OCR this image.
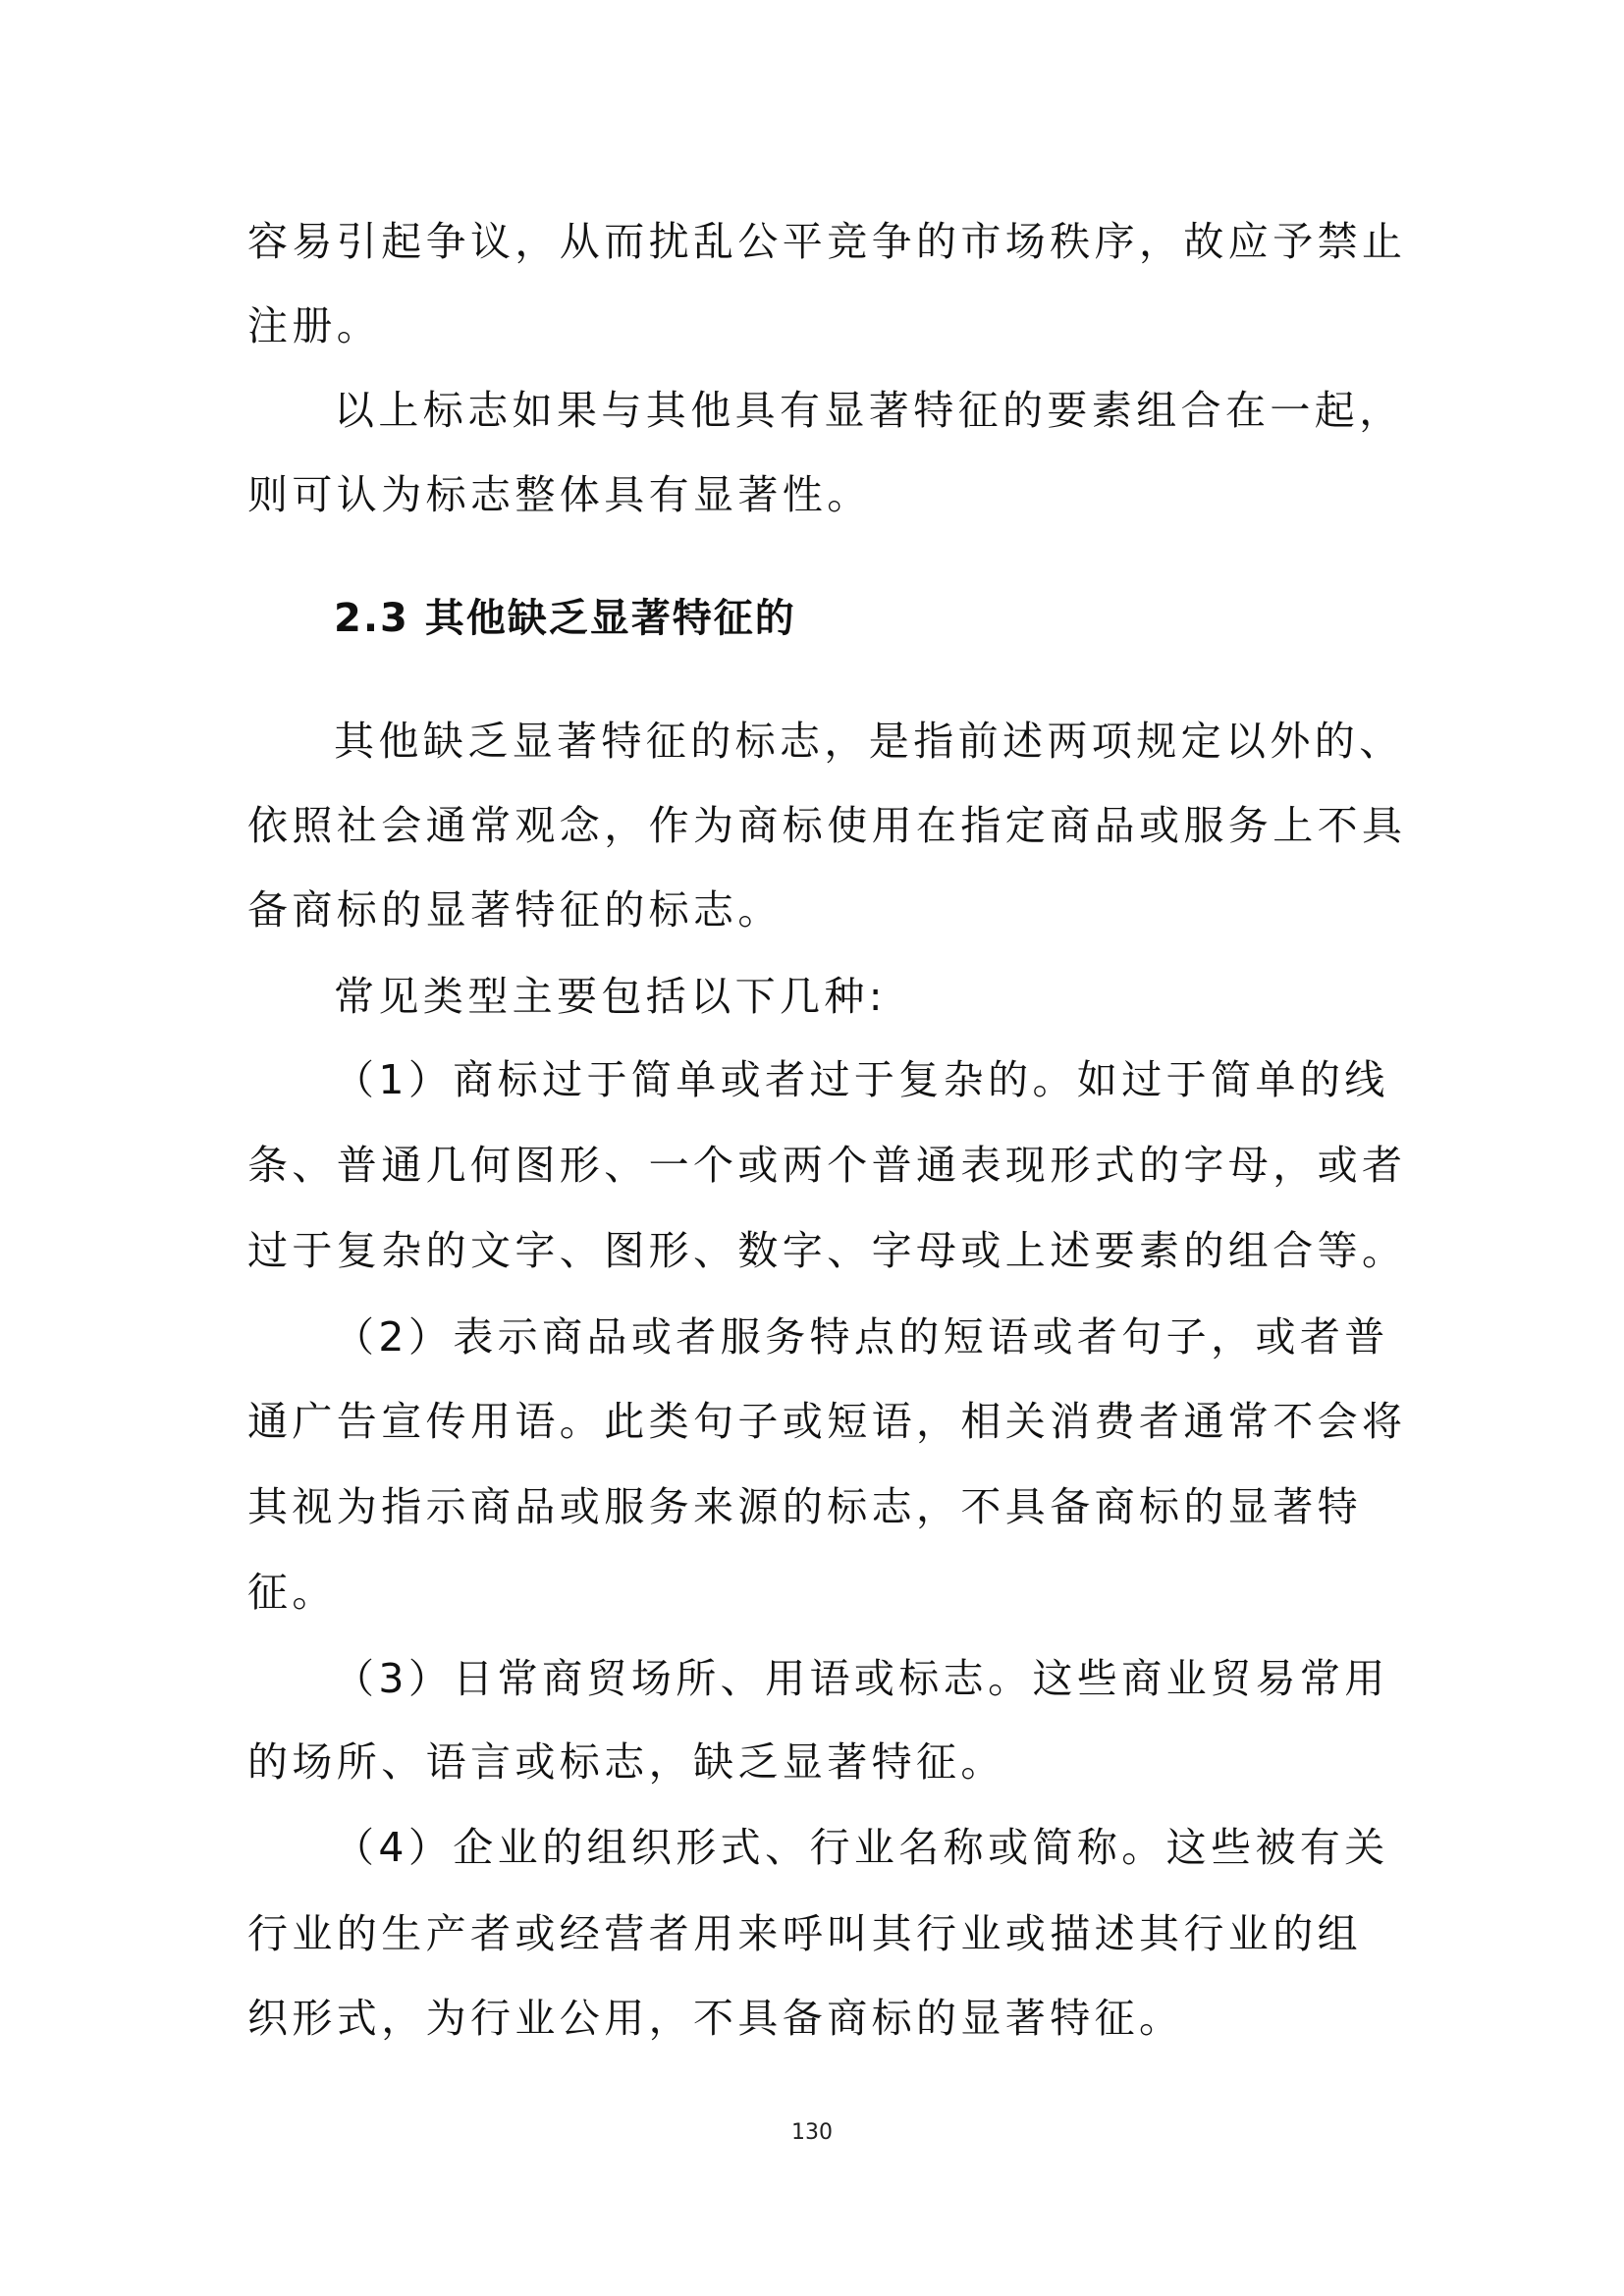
容易引起争议，从而扰乱公平竞争的市场秩序，故应予禁止
注册。
以上标志如果与其他具有显著特征的要素组合在一起，
则可认为标志整体具有显著性。
2.3 其他缺乏显著特征的
其他缺乏显著特征的标志，是指前述两项规定以外的、
依照社会通常观念，作为商标使用在指定商品或服务上不具
备商标的显著特征的标志。
常见类型主要包括以下几种:
（1）商标过于简单或者过于复杂的。如过于简单的线
条、普通几何图形、一个或两个普通表现形式的字母，或者
过于复杂的文字、图形、数字、字母或上述要素的组合等。
（2）表示商品或者服务特点的短语或者句子，或者普
通广告宣传用语。此类句子或短语，相关消费者通常不会将
其视为指示商品或服务来源的标志，不具备商标的显著特
征。
（3）日常商贸场所、用语或标志。这些商业贸易常用
的场所、语言或标志，缺乏显著特征。
（4）企业的组织形式、行业名称或简称。这些被有关
行业的生产者或经营者用来呼叫其行业或描述其行业的组
织形式，为行业公用，不具备商标的显著特征。
130
